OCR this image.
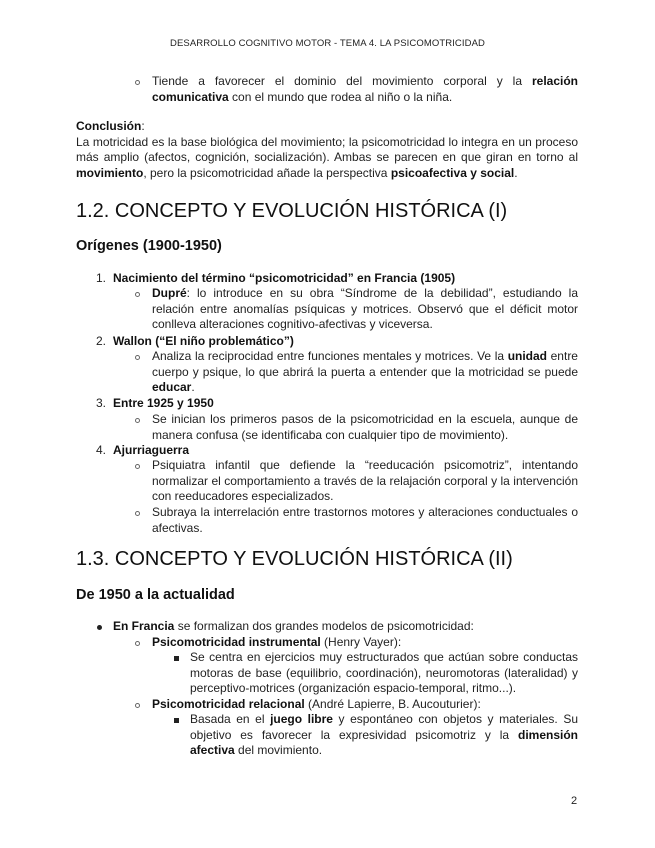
DESARROLLO COGNITIVO MOTOR - TEMA 4. LA PSICOMOTRICIDAD
Tiende a favorecer el dominio del movimiento corporal y la relación comunicativa con el mundo que rodea al niño o la niña.
Conclusión:
La motricidad es la base biológica del movimiento; la psicomotricidad lo integra en un proceso más amplio (afectos, cognición, socialización). Ambas se parecen en que giran en torno al movimiento, pero la psicomotricidad añade la perspectiva psicoafectiva y social.
1.2. CONCEPTO Y EVOLUCIÓN HISTÓRICA (I)
Orígenes (1900-1950)
1. Nacimiento del término “psicomotricidad” en Francia (1905)
Dupré: lo introduce en su obra “Síndrome de la debilidad”, estudiando la relación entre anomalías psíquicas y motrices. Observó que el déficit motor conlleva alteraciones cognitivo-afectivas y viceversa.
2. Wallon (“El niño problemático”)
Analiza la reciprocidad entre funciones mentales y motrices. Ve la unidad entre cuerpo y psique, lo que abrirá la puerta a entender que la motricidad se puede educar.
3. Entre 1925 y 1950
Se inician los primeros pasos de la psicomotricidad en la escuela, aunque de manera confusa (se identificaba con cualquier tipo de movimiento).
4. Ajurriaguerra
Psiquiatra infantil que defiende la “reeducación psicomotriz”, intentando normalizar el comportamiento a través de la relajación corporal y la intervención con reeducadores especializados.
Subraya la interrelación entre trastornos motores y alteraciones conductuales o afectivas.
1.3. CONCEPTO Y EVOLUCIÓN HISTÓRICA (II)
De 1950 a la actualidad
En Francia se formalizan dos grandes modelos de psicomotricidad:
Psicomotricidad instrumental (Henry Vayer):
Se centra en ejercicios muy estructurados que actúan sobre conductas motoras de base (equilibrio, coordinación), neuromotoras (lateralidad) y perceptivo-motrices (organización espacio-temporal, ritmo...).
Psicomotricidad relacional (André Lapierre, B. Aucouturier):
Basada en el juego libre y espontáneo con objetos y materiales. Su objetivo es favorecer la expresividad psicomotriz y la dimensión afectiva del movimiento.
2
